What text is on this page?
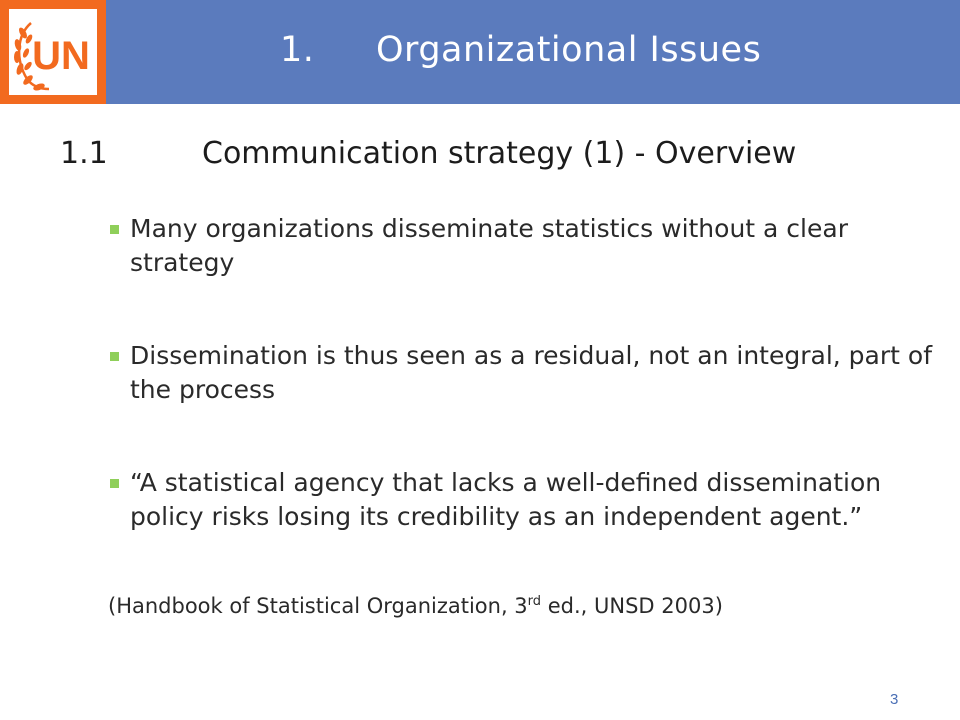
UN	1. Organizational Issues
1.1	Communication strategy (1) - Overview
Many organizations disseminate statistics without a clear strategy
Dissemination is thus seen as a residual, not an integral, part of the process
“A statistical agency that lacks a well-defined dissemination policy risks losing its credibility as an independent agent.”
(Handbook of Statistical Organization, 3rd ed., UNSD 2003)
3
